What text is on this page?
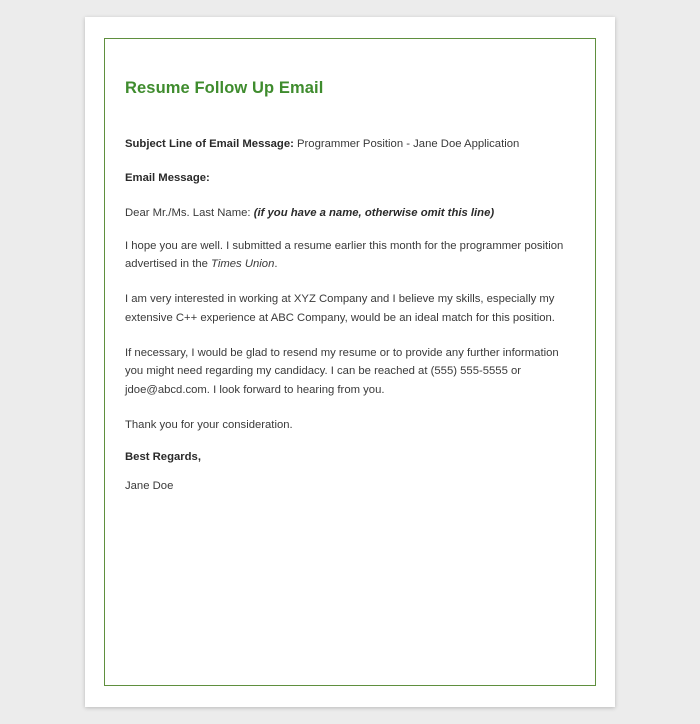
Resume Follow Up Email

Subject Line of Email Message: Programmer Position - Jane Doe Application

Email Message:

Dear Mr./Ms. Last Name: (if you have a name, otherwise omit this line)

I hope you are well. I submitted a resume earlier this month for the programmer position advertised in the Times Union.

I am very interested in working at XYZ Company and I believe my skills, especially my extensive C++ experience at ABC Company, would be an ideal match for this position.

If necessary, I would be glad to resend my resume or to provide any further information you might need regarding my candidacy. I can be reached at (555) 555-5555 or jdoe@abcd.com. I look forward to hearing from you.

Thank you for your consideration.

Best Regards,

Jane Doe
